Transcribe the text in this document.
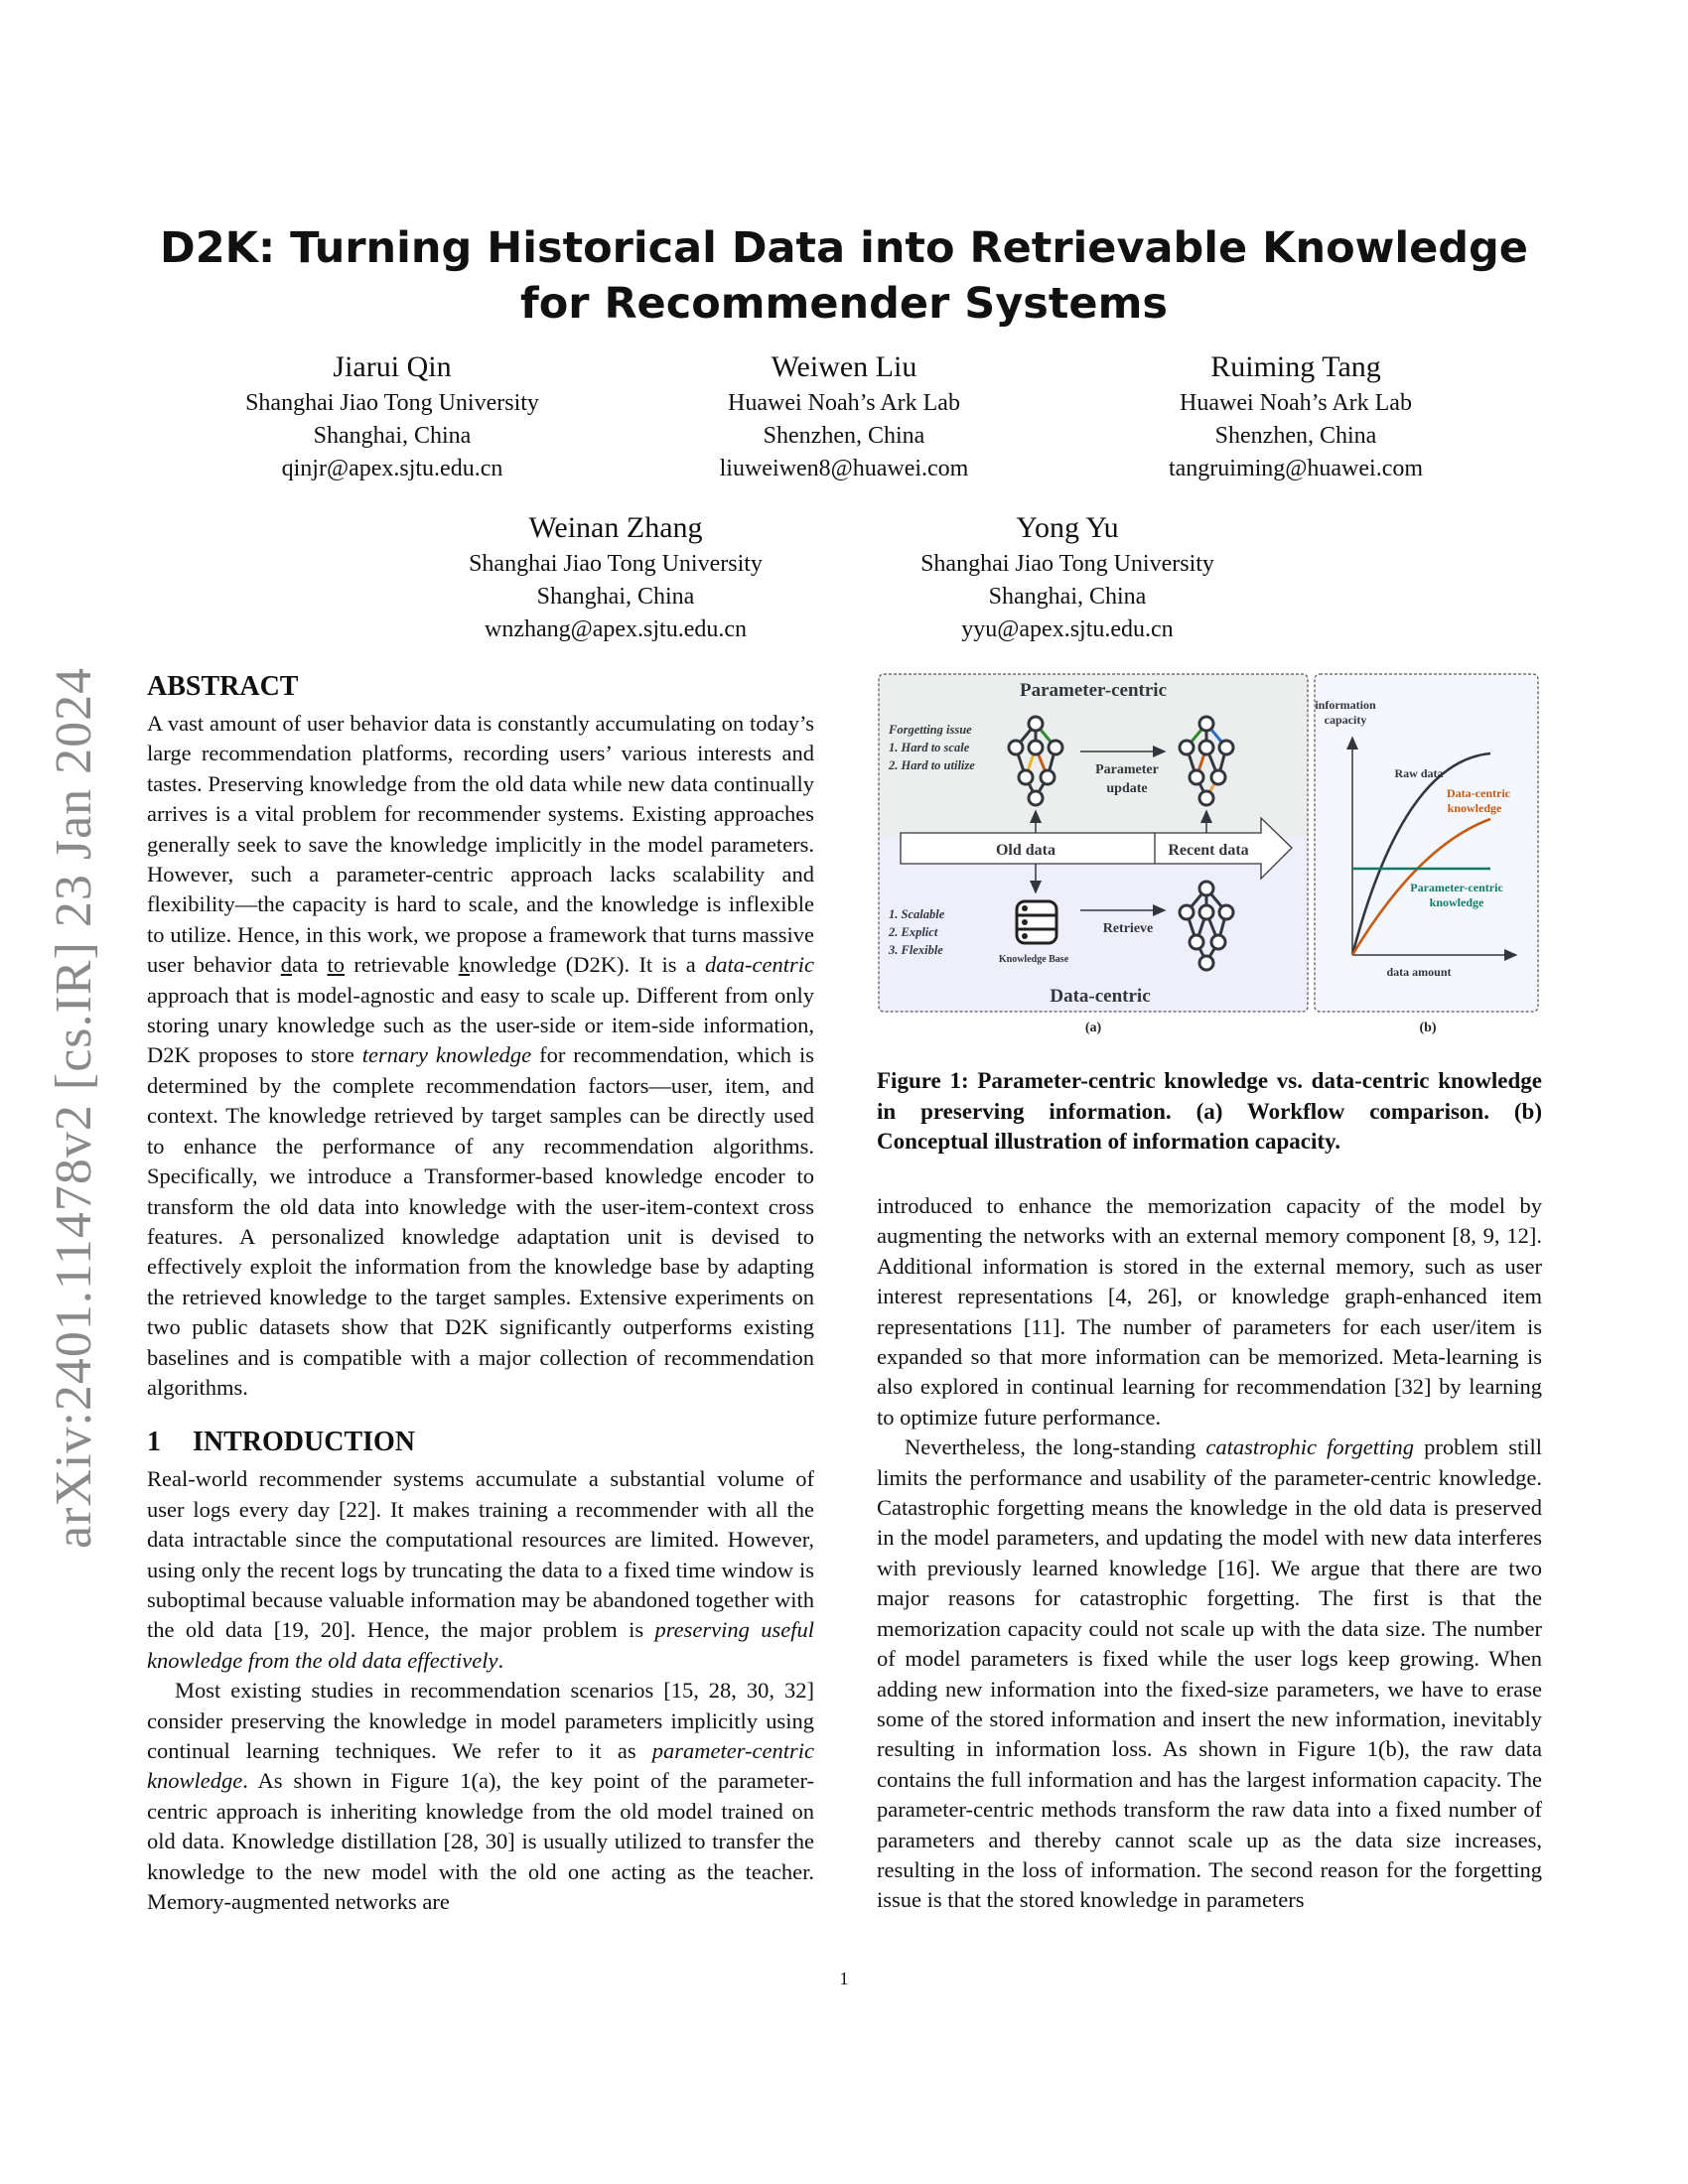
arXiv:2401.11478v2 [cs.IR] 23 Jan 2024
D2K: Turning Historical Data into Retrievable Knowledge for Recommender Systems
Jiarui Qin
Shanghai Jiao Tong University
Shanghai, China
qinjr@apex.sjtu.edu.cn
Weiwen Liu
Huawei Noah’s Ark Lab
Shenzhen, China
liuweiwen8@huawei.com
Ruiming Tang
Huawei Noah’s Ark Lab
Shenzhen, China
tangruiming@huawei.com
Weinan Zhang
Shanghai Jiao Tong University
Shanghai, China
wnzhang@apex.sjtu.edu.cn
Yong Yu
Shanghai Jiao Tong University
Shanghai, China
yyu@apex.sjtu.edu.cn
ABSTRACT

A vast amount of user behavior data is constantly accumulating on today’s large recommendation platforms, recording users’ various interests and tastes. Preserving knowledge from the old data while new data continually arrives is a vital problem for recommender systems. Existing approaches generally seek to save the knowledge implicitly in the model parameters. However, such a parameter-centric approach lacks scalability and flexibility—the capacity is hard to scale, and the knowledge is inflexible to utilize. Hence, in this work, we propose a framework that turns massive user behavior data to retrievable knowledge (D2K). It is a data-centric approach that is model-agnostic and easy to scale up. Different from only storing unary knowledge such as the user-side or item-side information, D2K proposes to store ternary knowledge for recommendation, which is determined by the complete recommendation factors—user, item, and context. The knowledge retrieved by target samples can be directly used to enhance the performance of any recommendation algorithms. Specifically, we introduce a Transformer-based knowledge encoder to transform the old data into knowledge with the user-item-context cross features. A personalized knowledge adaptation unit is devised to effectively exploit the information from the knowledge base by adapting the retrieved knowledge to the target samples. Extensive experiments on two public datasets show that D2K significantly outperforms existing baselines and is compatible with a major collection of recommendation algorithms.

1 INTRODUCTION

Real-world recommender systems accumulate a substantial volume of user logs every day [22]. It makes training a recommender with all the data intractable since the computational resources are limited. However, using only the recent logs by truncating the data to a fixed time window is suboptimal because valuable information may be abandoned together with the old data [19, 20]. Hence, the major problem is preserving useful knowledge from the old data effectively.

Most existing studies in recommendation scenarios [15, 28, 30, 32] consider preserving the knowledge in model parameters implicitly using continual learning techniques. We refer to it as parameter-centric knowledge. As shown in Figure 1(a), the key point of the parameter-centric approach is inheriting knowledge from the old model trained on old data. Knowledge distillation [28, 30] is usually utilized to transfer the knowledge to the new model with the old one acting as the teacher. Memory-augmented networks are

Parameter-centric
Forgetting issue
1. Hard to scale
2. Hard to utilize	Parameter
update
Old data	Recent data
1. Scalable
2. Explict
3. Flexible
Knowledge Base
Retrieve
Data-centric
(a)
information
capacity
Raw data
Data-centric
knowledge
Parameter-centric
knowledge
data amount
(b)
Figure 1: Parameter-centric knowledge vs. data-centric knowledge in preserving information. (a) Workflow comparison. (b) Conceptual illustration of information capacity.

introduced to enhance the memorization capacity of the model by augmenting the networks with an external memory component [8, 9, 12]. Additional information is stored in the external memory, such as user interest representations [4, 26], or knowledge graph-enhanced item representations [11]. The number of parameters for each user/item is expanded so that more information can be memorized. Meta-learning is also explored in continual learning for recommendation [32] by learning to optimize future performance.

Nevertheless, the long-standing catastrophic forgetting problem still limits the performance and usability of the parameter-centric knowledge. Catastrophic forgetting means the knowledge in the old data is preserved in the model parameters, and updating the model with new data interferes with previously learned knowledge [16]. We argue that there are two major reasons for catastrophic forgetting. The first is that the memorization capacity could not scale up with the data size. The number of model parameters is fixed while the user logs keep growing. When adding new information into the fixed-size parameters, we have to erase some of the stored information and insert the new information, inevitably resulting in information loss. As shown in Figure 1(b), the raw data contains the full information and has the largest information capacity. The parameter-centric methods transform the raw data into a fixed number of parameters and thereby cannot scale up as the data size increases, resulting in the loss of information. The second reason for the forgetting issue is that the stored knowledge in parameters

1
